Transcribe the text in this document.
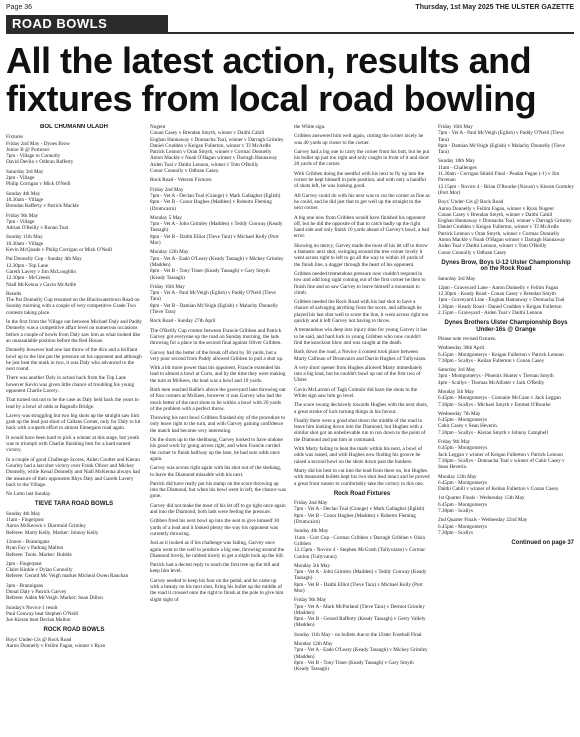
Page 36	Thursday, 1st May 2025 THE ULSTER GAZETTE
ROAD BOWLS
All the latest action, results and fixtures from local road bowling
BOL CHUMANN ULADH

Fixtures
Friday 2nd May - Dynes Brow
Junior B @ Portnoor
7pm - Village to Connolly
David Devlin v Odhran Rafferty

Saturday 3rd May
2pm - Village
Philip Corrigan v Mick O'Neill

Sunday 4th May
10.30am - Village
Brendan Rafferty v Patrick Mackle

Friday 9th May
7pm - Village
Adrian O'Reilly v Ronan Toal

Sunday 11th May
10.30am - Village
Kevin McQuade v Philip Corrigan or Mick O'Neill

Pat Donnelly Cup - Sunday 4th May
12.30pm - Top Lane
Gareth Lavery v Jim McLoughlin
12.30pm - McCreesh
Niall McKenna v Gavin McArdle

Results
The Pat Donnelly Cup resumed on the Blackwatertown Road on Sunday morning with a couple of very competitive Grade Two contests taking place.

In the first from the Village out between Michael Daly and Paddy Donnelly was a competitive affair level on numerous occasions before a couple of bowls from Daly saw him as what looked like an unassailable position before the Red House.

Donnelly however had one last throw of the dice and a brilliant bowl up to the line put the pressure on his opponent and although he just beat the mark in two, it was Daly who advanced to the next round.

There was another Daly in action back from the Top Lane however Kevin was given little chance of troubling his young opponent Charlie Lavery.

That turned out not to be the case as Daly held back the years to lead by a bowl of odds at Bagnalls Bridge.

Lavery was struggling but two big shots up the straight saw him grab up the lead just short of Callans Corner, only for Daly to hit back with a superb effort to almost Finnegans road again.

It would have been hard to pick a winner at this stage, but youth was to triumph with Charlie finishing best for a hard earned victory.

In a couple of good Challenge Scores, Aiden Coulter and Kieran Gourley had a last shot victory over Frank Oliver and Mickey Donnelly, while Kenal Donnelly and Niall McKenna always had the measure of their opponents Rhys Daly and Gareth Lavery back to the Village.

No Lotto last Sunday.

TIEVE TARA ROAD BOWLS

Sunday 4th May
11am - Fingerpost
Aaron McKeown v Diarmuid Grimley
Referee: Marty Kelly. Marker: Johnny Kelly

12noon - Brannigans
Ryan Fay v Padraig Mallon
Referee: Toots. Marker: Bubble

2pm - Fingerpost
Claire Kinkle v Dylan Connolly
Referee: Gerard Mc Veigh marker Micheal Owen Rauchan

3pm - Brannigans
Donal Daly v Patrick Garvey
Referee: Aiden McVeigh. Marker: Sean Dillon

Sunday's Novice 1 result
Paul Conway beat Stephen O'Neill
Joe Kieran beat Declan Mallon

ROCK ROAD BOWLS

Boys' Under-12s @ Rock Road
Aaron Donnelly v Feilim Fagan, winner v Ryan

Nugent
Conan Casey v Brendan Smyth, winner v Daithi Cahill
Eoghan Hannaway v Donnacha Toal, winner v Darragh Grimley
Daniel Crudden v Keigan Fullerton, winner v TJ McArdle
Patrick Lennon v Oran Smyth, winner v Cormac Donnelly
Anton Mackle v Noah O'Hagan winner v Darragh Hannaway
Aiden Toal v Daithi Lennon, winner v Tom O'Reilly
Conor Connolly v Odhran Casey.

Rock Road - Veteran Fixtures

Friday 2nd May
7pm - Vet A - Declan Toal (Grange) v Mark Gallagher (Eglish)
8pm - Vet B - Conor Hughes (Madden) v Roberto Fleming (Drumcairn)

Monday 5 May
7pm - Vet A - John Grimley (Madden) v Teddy Conway (Keady Tassagh)
8pm - Vet B - Daithi Elliot (Tieve Tara) v Michael Kelly (Port Mor)

Monday 12th May
7pm - Vet A - Eadó O'Leary (Keady Tassagh) v Mickey Grimley (Madden)
8pm - Vet B - Tony Toner (Keady Tassagh) v Gary Smyth (Keady Tassagh)

Friday 16th May
7pm - Vet A - Paul McVeigh (Eglish) v Paddy O'Neill (Tieve Tara)
8pm - Vet B - Damian McVeigh (Eglish) v Malachy Donnelly (Tieve Tara)

Rock Road - Sunday 27th April

The O'Reilly Cup contest between Francie Gribben and Patrick Garvey got everyone up the road on Sunday morning, the lads throwing for a place in the second final against Oliver Gribben.

Garvey had the better of the break off shot by 30 yards, but a very poor second from Paddy allowed Gribben to pull a shot up.

With a bit more power than his opponent, Francie extended his lead to almost a bowl at Corrs, and by the time they were making the turn at McKees, the lead was a bowl and 10 yards.

Both men reached Ballie's above the graveyard lane throwing out of four corners at McKees, however it was Garvey who had the much better of the next shots to be within a bowl with 20 yards of the problem with a perfect throw.

Throwing his next bowl Gribben finished shy of the procedure to only leave right to the turn, and with Garvey gaining confidence the match had become very interesting.

On the shots up to the shebbung, Garvey looked to have undone his good work by going across right, and when Francie carried the corner to finish halfway up the lane, he had sure odds once again.

Garvey was across right again with his shot out of the shebang, to leave the Diamond missable with his next.

Patrick did have really put his stamp on the score throwing up into the Diamond, but when his bowl went in left, the chance was gone.

Garvey did not make the most of his let off to go tight once again and into the Diamond, both lads were feeling the pressure.

Gribben fired his next bowl up into the seat to give himself 30 yards of a lead and it looked plenty the way his opponent was currently throwing.

Just as it looked as if his challenge was fading, Garvey once again went to the well to produce a big one, throwing around the Diamond lovely, he rubbed nicely to get a slight look up the hill.

Patrick had a decent reply to reach the first tree up the hill and keep him level.

Garvey needed to keep his foot on the pedal, and he came up with a beauty on his next shot, firing his bullet up the middle of the road it crossed onto the right to finish at the pole to give him slight sight of

the White sign.

Gribben answered him well again, cutting the corner nicely he was 40 yards up closer to the corner.

Garvey had a big one to carry the corner from his butt, but he put his bullet up just too right and only caught in front of it and short 20 yards of the corner.

With Gribben doing the needful with his next to fly up into the corner he kept himself in pole position, and with only a handful of shots left, he was looking good.

All Garvey could do with his next was to cut the corner as fine as he could, and he did just that to get well up the straight to the next corner.

A big one now from Gribben would have finished his opponent off, but he did the opposite of that to catch badly up the right hand side and only finish 10 yards ahead of Garvey's bowl, a bad error.

Showing no mercy, Garvey made the most of his let off to throw a fantastic next shot, swinging around the tree corner lovely it went across right to left to go all the way to within 10 yards of the finish line, a dagger through the heart of his opponent.

Gribben needed tremendous pressure now couldn't respond in tow and odd long sight coming out of the first corner he then to finish line and so saw Garvey to leave himself a mountain to climb.

Gribben needed the Rock Road with his last shot to have a chance of salvaging anything from the score, and although he played his last shot well to score the line, it went across right too quickly and it left Garvey not having to throw.

A tremendous win deep into injury time for young Garvey it has to be said, and hard luck to young Gribben who now couldn't find the knockout blow and was caught at the death.

Back down the road, a Novice 4 contest took place between Marty Callinan of Drumcairn and Darrin Hughes of Tullyvaran.

A very short opener from Hughes allowed Marty immediately into a big lead, but he couldn't bowl up out of the first two of Ulster.

Gavin McLarnon of Tagh Colmóir did have the shots to the White sign saw him go level.

The score swung decisively towards Hughes with the next shots, a great stroke of luck turning things in his favour.

Finally there were a good shot down the middle of the road to leave him looking down into the Diamond, but Hughes with a similar shot got an unbelievable run to run down to the point of the Diamond and put him in command.

With Marty failing to beat the mark within his next, a bowl of odds was raised, and with Hughes now finding his groove he raised a second bowl on the shots down past the bunkers.

Marty did his best to cut into the lead from there on, but Hughes with measured bullets kept his two shot lead intact and he proved a great front runner to comfortably take the victory in this one.

Rock Road Fixtures

Friday 2nd May
7pm - Vet A - Declan Toal (Grange) v Mark Gallagher (Eglish)
8pm - Vet B - Conor Hughes (Madden) v Roberto Fleming (Drumcairn)

Sunday 4th May
11am - Corr Cup - Cormac Gribben v Darragh Gribben v Oisín Gribben
12.15pm - Novice 4 - Stephen McGrath (Tullyvaran) v Cormac Conlon (Tullyvaran)

Monday 5th May
7pm - Vet A - John Grimley (Madden) v Teddy Conway (Keady Tassagh)
8pm - Vet B - Daithi Elliot (Tieve Tara) v Michael Kelly (Port Mor)

Friday 9th May
7pm - Vet A - Mark McParland (Tieve Tara) v Dermot Grimley (Madden)
8pm - Vet B - Gerard Rafferty (Keady Tassagh) v Gerry Vallely (Madden)

Sunday 11th May - no bullets due to the Ulster Football Final

Monday 12th May
7pm - Vet A - Eadó O'Leary (Keady Tassagh) v Mickey Grimley (Madden)
8pm - Vet B - Tony Toner (Keady Tassagh) v Gary Smyth (Keady Tassagh)

Friday 16th May
7pm - Vet A - Paul McVeigh (Eglish) v Paddy O'Neill (Tieve Tara)
8pm - Damian McVeigh (Eglish) v Malachy Donnelly (Tieve Tara)

Sunday 18th May
11am - Challenges
11.30am - Corrigan Shield Final - Peadar Fegan (-1) v Jim Pavenan
12.15pm - Novice 4 - Brian O'Rourke (Navan) v Kieran Gormley (Port Mor)

Boys' Under-12s @ Rock Road
Aaron Donnelly v Feilim Fagan, winner v Ryan Nugent
Conan Casey v Brendan Smyth, winner v Daithi Cahill
Eoghan Hannaway v Donnacha Toal, winner v Darragh Grimley
Daniel Crudden v Keigan Fullerton, winner v TJ McArdle
Patrick Lennon v Oran Smyth, winner v Cormac Donnelly
Anton Mackle v Noah O'Hagan winner v Darragh Hannaway
Aiden Toal v Daithi Lennon, winner v Tom O'Reilly
Conor Connolly v Odhran Casey

Dynes Brow, Boys U-12 Ulster Championship on the Rock Road

Saturday 3rd May

12pm - Graveyard Lane - Aaron Donnelly v Feilim Fagan
12.30pm - Keady Road - Conan Casey v Brendan Smyth
1pm - Graveyard Line - Eoghan Hannaway v Donnacha Toal
1.30pm - Keady Road - Daniel Crudden v Keigan Fullerton
2.15pm - Graveyard - Aiden Toal v Daithi Lennon

Dynes Brothers Ulster Championship Boys Under-16s @ Grange

Please note revised fixtures.

Wednesday 30th April
6.45pm - Montgomerys - Keigan Fullerton v Patrick Lennon
7.30pm - Scallys - Keilan Fullerton v Conan Casey

Saturday 3rd May
3pm - Montgomerys - Phoenix Hunter v Tiernan Smyth
4pm - Scallys - Thomas McAllister v Jack O'Reilly

Monday 5th May
6.45pm - Montgomerys - Connaire McCann v Jack Leggan
7.30pm - Scallys - Michael Smyth v Emmet O'Rourke

Wednesday 7th May
6.45pm - Montgomerys
Cahir Casey v Sean Heverin.
7.30pm - Scallys - Kieran Smyth v Johnny Campbell

Friday 9th May
6.45pm - Montgomerys
Jack Leggan v winner of Keigan Fullerton v Patrick Lennon
7.30pm - Scallys - Donnacha Toal v winner of Cahir Casey v Sean Heverin.

Monday 12th May
6.45pm - Montgomerys
Daithi Cahill v winner of Keilan Fullerton v Conan Casey.

1st Quarter Finals - Wednesday 15th May
6.45pm - Montgomerys
7.30pm - Scallys

2nd Quarter Finals - Wednesday 22nd May
6.45pm - Montgomerys
7.30pm - Scallys

Continued on page 37
